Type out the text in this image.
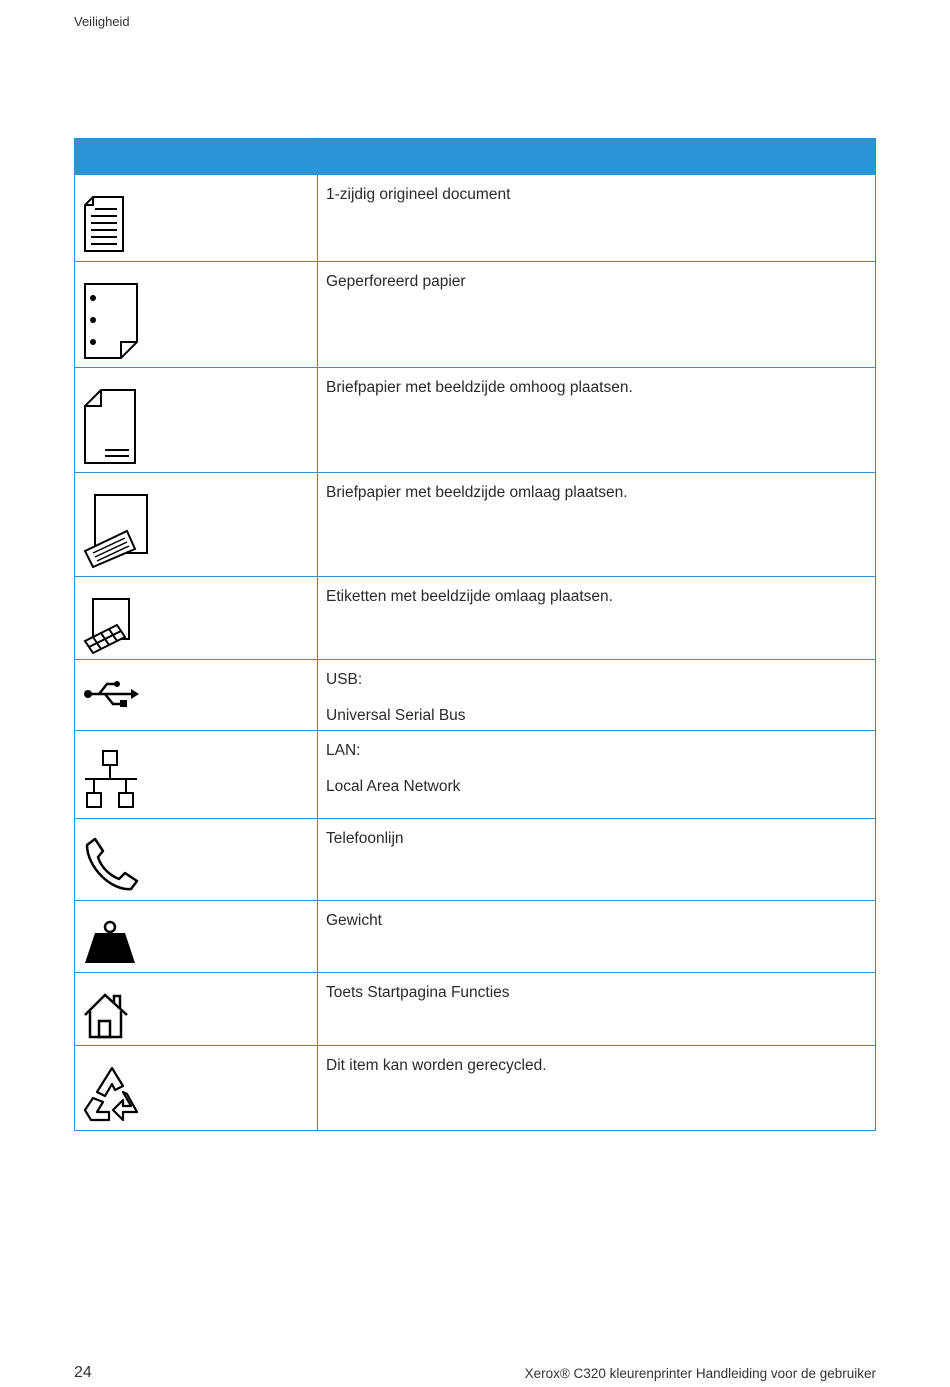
Veiligheid

1-zijdig origineel document

Geperforeerd papier

Briefpapier met beeldzijde omhoog plaatsen.

Briefpapier met beeldzijde omlaag plaatsen.

Etiketten met beeldzijde omlaag plaatsen.

USB:

Universal Serial Bus

LAN:

Local Area Network

Telefoonlijn

Gewicht

Toets Startpagina Functies

Dit item kan worden gerecycled.

24	Xerox® C320 kleurenprinter Handleiding voor de gebruiker
